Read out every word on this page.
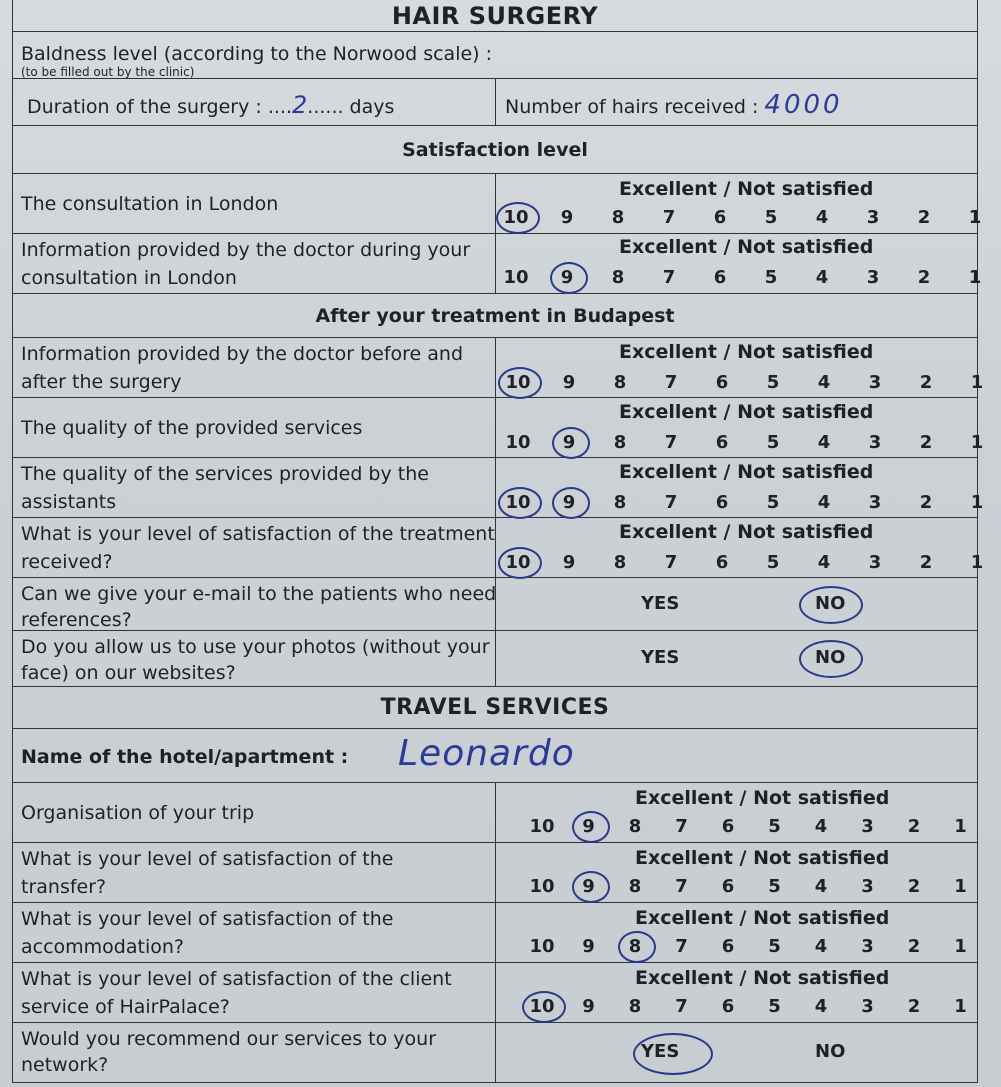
HAIR SURGERY
Baldness level (according to the Norwood scale) :
(to be filled out by the clinic)
Duration of the surgery : ....2...... days	Number of hairs received : 4000
Satisfaction level
The consultation in London
Excellent / Not satisfied
10	9	8	7	6	5	4	3	2	1
Information provided by the doctor during your
consultation in London
Excellent / Not satisfied
10	9	8	7	6	5	4	3	2	1
After your treatment in Budapest
Information provided by the doctor before and
after the surgery
Excellent / Not satisfied
10	9	8	7	6	5	4	3	2	1
The quality of the provided services
Excellent / Not satisfied
10	9	8	7	6	5	4	3	2	1
The quality of the services provided by the
assistants
Excellent / Not satisfied
10	9	8	7	6	5	4	3	2	1
What is your level of satisfaction of the treatment
received?
Excellent / Not satisfied
10	9	8	7	6	5	4	3	2	1
Can we give your e-mail to the patients who need
references?
YES	NO
Do you allow us to use your photos (without your
face) on our websites?
YES	NO
TRAVEL SERVICES
Name of the hotel/apartment : Leonardo
Organisation of your trip
Excellent / Not satisfied
10	9	8	7	6	5	4	3	2	1
What is your level of satisfaction of the
transfer?
Excellent / Not satisfied
10	9	8	7	6	5	4	3	2	1
What is your level of satisfaction of the
accommodation?
Excellent / Not satisfied
10	9	8	7	6	5	4	3	2	1
What is your level of satisfaction of the client
service of HairPalace?
Excellent / Not satisfied
10	9	8	7	6	5	4	3	2	1
Would you recommend our services to your
network?
YES	NO
